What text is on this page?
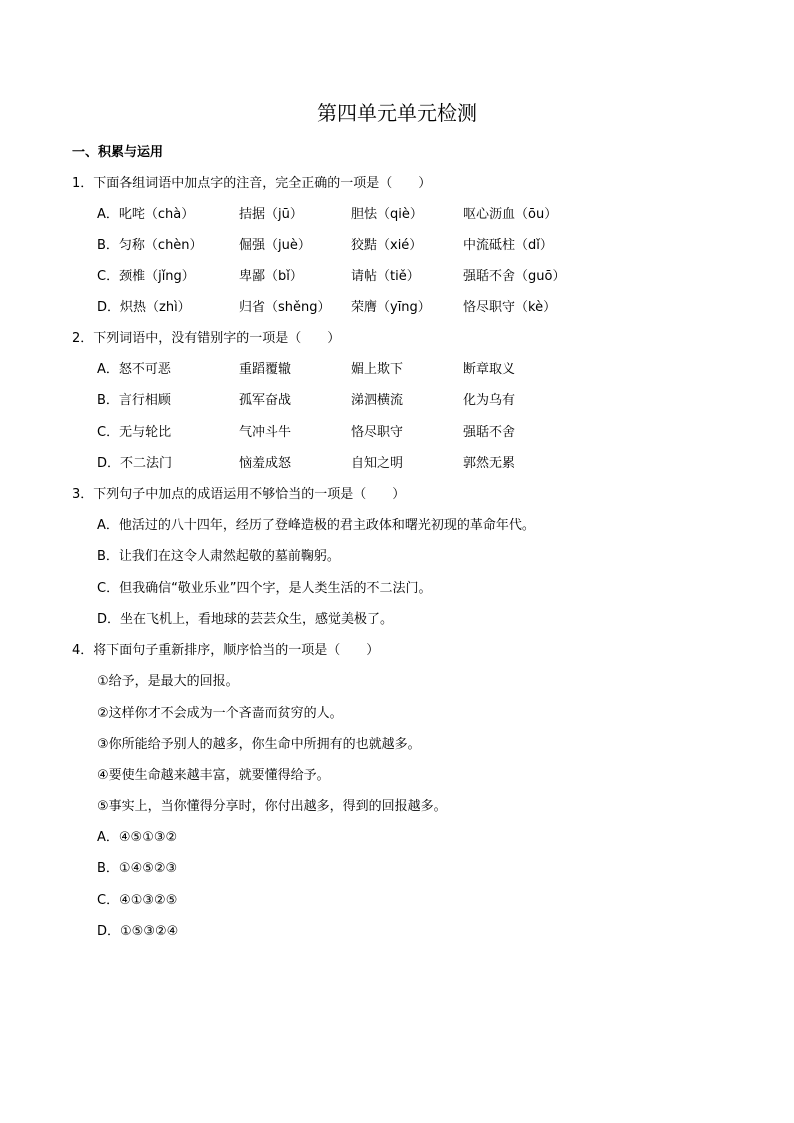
第四单元单元检测
一、积累与运用
1．下面各组词语中加点字的注音，完全正确的一项是（　　）
A．叱咤（chà）	拮据（jū）	胆怯（qiè）	呕心沥血（ōu）
B．匀称（chèn）	倔强（juè）	狡黠（xié）	中流砥柱（dǐ）
C．颈椎（jǐng）	卑鄙（bǐ）	请帖（tiě）	强聒不舍（guō）
D．炽热（zhì）	归省（shěng） 荣膺（yīng） 恪尽职守（kè）
2．下列词语中，没有错别字的一项是（　　）
A．怒不可恶	重蹈覆辙	媚上欺下	断章取义
B．言行相顾	孤军奋战	涕泗横流	化为乌有
C．无与轮比	气冲斗牛	恪尽职守	强聒不舍
D．不二法门	恼羞成怒	自知之明	郭然无累
3．下列句子中加点的成语运用不够恰当的一项是（　　）
A．他活过的八十四年，经历了登峰造极的君主政体和曙光初现的革命年代。
B．让我们在这令人肃然起敬的墓前鞠躬。
C．但我确信“敬业乐业”四个字，是人类生活的不二法门。
D．坐在飞机上，看地球的芸芸众生，感觉美极了。
4．将下面句子重新排序，顺序恰当的一项是（　　）
①给予，是最大的回报。
②这样你才不会成为一个吝啬而贫穷的人。
③你所能给予别人的越多，你生命中所拥有的也就越多。
④要使生命越来越丰富，就要懂得给予。
⑤事实上，当你懂得分享时，你付出越多，得到的回报越多。
A．④⑤①③②
B．①④⑤②③
C．④①③②⑤
D．①⑤③②④
